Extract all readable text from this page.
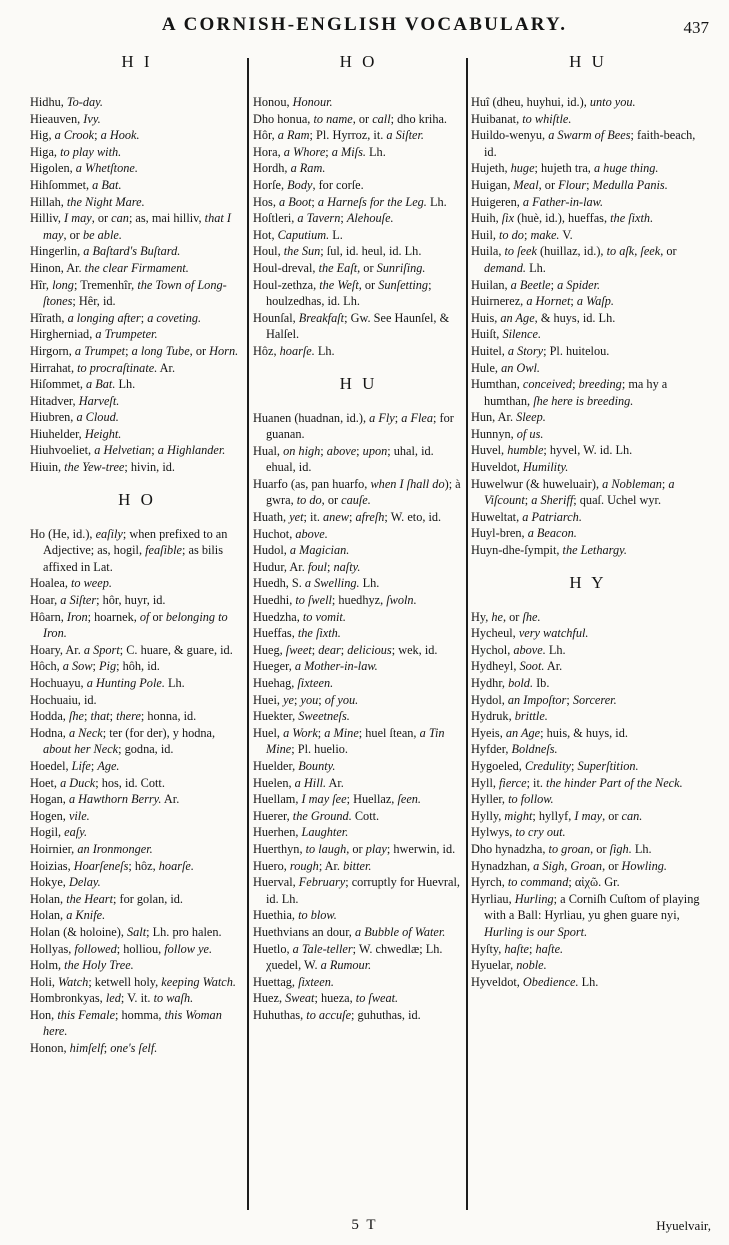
A CORNISH-ENGLISH VOCABULARY.	437
H I
Hidhu, To-day.
Hieauven, Ivy.
Hig, a Crook; a Hook.
Higa, to play with.
Higolen, a Whetſtone.
Hihſommet, a Bat.
Hillah, the Night Mare.
Hilliv, I may, or can; as, mai hilliv, that I may, or be able.
Hingerlin, a Baſtard's Buſtard.
Hinon, Ar. the clear Firmament.
Hîr, long; Tremenhîr, the Town of Long-ſtones; Hêr, id.
Hîrath, a longing after; a coveting.
Hirgherniad, a Trumpeter.
Hirgorn, a Trumpet; a long Tube, or Horn.
Hirrahat, to procraſtinate. Ar.
Hiſommet, a Bat. Lh.
Hitadver, Harveſt.
Hiubren, a Cloud.
Hiuhelder, Height.
Hiuhvoeliet, a Helvetian; a Highlander.
Hiuin, the Yew-tree; hivin, id.
H O
Ho (He, id.), eaſily; when prefixed to an Adjective; as, hogil, feaſible; as bilis affixed in Lat.
Hoalea, to weep.
Hoar, a Siſter; hôr, huyr, id.
Hôarn, Iron; hoarnek, of or belonging to Iron.
Hoary, Ar. a Sport; C. huare, & guare, id.
Hôch, a Sow; Pig; hôh, id.
Hochuayu, a Hunting Pole. Lh.
Hochuaiu, id.
Hodda, ſhe; that; there; honna, id.
Hodna, a Neck; ter (for der), y hodna, about her Neck; godna, id.
Hoedel, Life; Age.
Hoet, a Duck; hos, id. Cott.
Hogan, a Hawthorn Berry. Ar.
Hogen, vile.
Hogil, eaſy.
Hoirnier, an Ironmonger.
Hoizias, Hoarſeneſs; hôz, hoarſe.
Hokye, Delay.
Holan, the Heart; for golan, id.
Holan, a Knife.
Holan (& holoine), Salt; Lh. pro halen.
Hollyas, followed; holliou, follow ye.
Holm, the Holy Tree.
Holi, Watch; ketwell holy, keeping Watch.
Hombronkyas, led; V. it. to waſh.
Hon, this Female; homma, this Woman here.
Honon, himſelf; one's ſelf.
H O
Honou, Honour.
Dho honua, to name, or call; dho kriha.
Hôr, a Ram; Pl. Hyrroz, it. a Siſter.
Hora, a Whore; a Miſs. Lh.
Hordh, a Ram.
Horſe, Body, for corſe.
Hos, a Boot; a Harneſs for the Leg. Lh.
Hoſtleri, a Tavern; Alehouſe.
Hot, Caputium. L.
Houl, the Sun; ſul, id. heul, id. Lh.
Houl-dreval, the Eaſt, or Sunriſing.
Houl-zethza, the Weſt, or Sunſetting; houlzedhas, id. Lh.
Hounſal, Breakfaſt; Gw. See Haunſel, & Halſel.
Hôz, hoarſe. Lh.
H U
Huanen (huadnan, id.), a Fly; a Flea; for guanan.
Hual, on high; above; upon; uhal, id. ehual, id.
Huarfo (as, pan huarfo, when I ſhall do); à gwra, to do, or cauſe.
Huath, yet; it. anew; afreſh; W. eto, id.
Huchot, above.
Hudol, a Magician.
Hudur, Ar. foul; naſty.
Huedh, S. a Swelling. Lh.
Huedhi, to ſwell; huedhyz, ſwoln.
Huedzha, to vomit.
Hueffas, the ſixth.
Hueg, ſweet; dear; delicious; wek, id.
Hueger, a Mother-in-law.
Huehag, ſixteen.
Huei, ye; you; of you.
Huekter, Sweetneſs.
Huel, a Work; a Mine; huel ſtean, a Tin Mine; Pl. huelio.
Huelder, Bounty.
Huelen, a Hill. Ar.
Huellam, I may ſee; Huellaz, ſeen.
Huerer, the Ground. Cott.
Huerhen, Laughter.
Huerthyn, to laugh, or play; hwerwin, id.
Huero, rough; Ar. bitter.
Huerval, February; corruptly for Huevral, id. Lh.
Huethia, to blow.
Huethvians an dour, a Bubble of Water.
Huetlo, a Tale-teller; W. chwedlæ; Lh. χuedel, W. a Rumour.
Huettag, ſixteen.
Huez, Sweat; hueza, to ſweat.
Huhuthas, to accuſe; guhuthas, id.
H U
Huî (dheu, huyhui, id.), unto you.
Huibanat, to whiſtle.
Huildo-wenyu, a Swarm of Bees; faith-beach, id.
Hujeth, huge; hujeth tra, a huge thing.
Huigan, Meal, or Flour; Medulla Panis.
Huigeren, a Father-in-law.
Huih, ſix (huè, id.), hueffas, the ſixth.
Huil, to do; make. V.
Huila, to ſeek (huillaz, id.), to aſk, ſeek, or demand. Lh.
Huilan, a Beetle; a Spider.
Huirnerez, a Hornet; a Waſp.
Huis, an Age, & huys, id. Lh.
Huiſt, Silence.
Huitel, a Story; Pl. huitelou.
Hule, an Owl.
Humthan, conceived; breeding; ma hy a humthan, ſhe here is breeding.
Hun, Ar. Sleep.
Hunnyn, of us.
Huvel, humble; hyvel, W. id. Lh.
Huveldot, Humility.
Huwelwur (& huweluair), a Nobleman; a Viſcount; a Sheriff; quaſ. Uchel wyr.
Huweltat, a Patriarch.
Huyl-bren, a Beacon.
Huyn-dhe-ſympit, the Lethargy.
H Y
Hy, he, or ſhe.
Hycheul, very watchful.
Hychol, above. Lh.
Hydheyl, Soot. Ar.
Hydhr, bold. Ib.
Hydol, an Impoſtor; Sorcerer.
Hydruk, brittle.
Hyeis, an Age; huis, & huys, id.
Hyfder, Boldneſs.
Hygoeled, Credulity; Superſtition.
Hyll, fierce; it. the hinder Part of the Neck.
Hyller, to follow.
Hylly, might; hyllyf, I may, or can.
Hylwys, to cry out.
Dho hynadzha, to groan, or ſigh. Lh.
Hynadzhan, a Sigh, Groan, or Howling.
Hyrch, to command; αἰχῶ. Gr.
Hyrliau, Hurling; a Corniſh Cuſtom of playing with a Ball: Hyrliau, yu ghen guare nyi, Hurling is our Sport.
Hyſty, haſte; haſte.
Hyuelar, noble.
Hyveldot, Obedience. Lh.
5 T	Hyuelvair,
